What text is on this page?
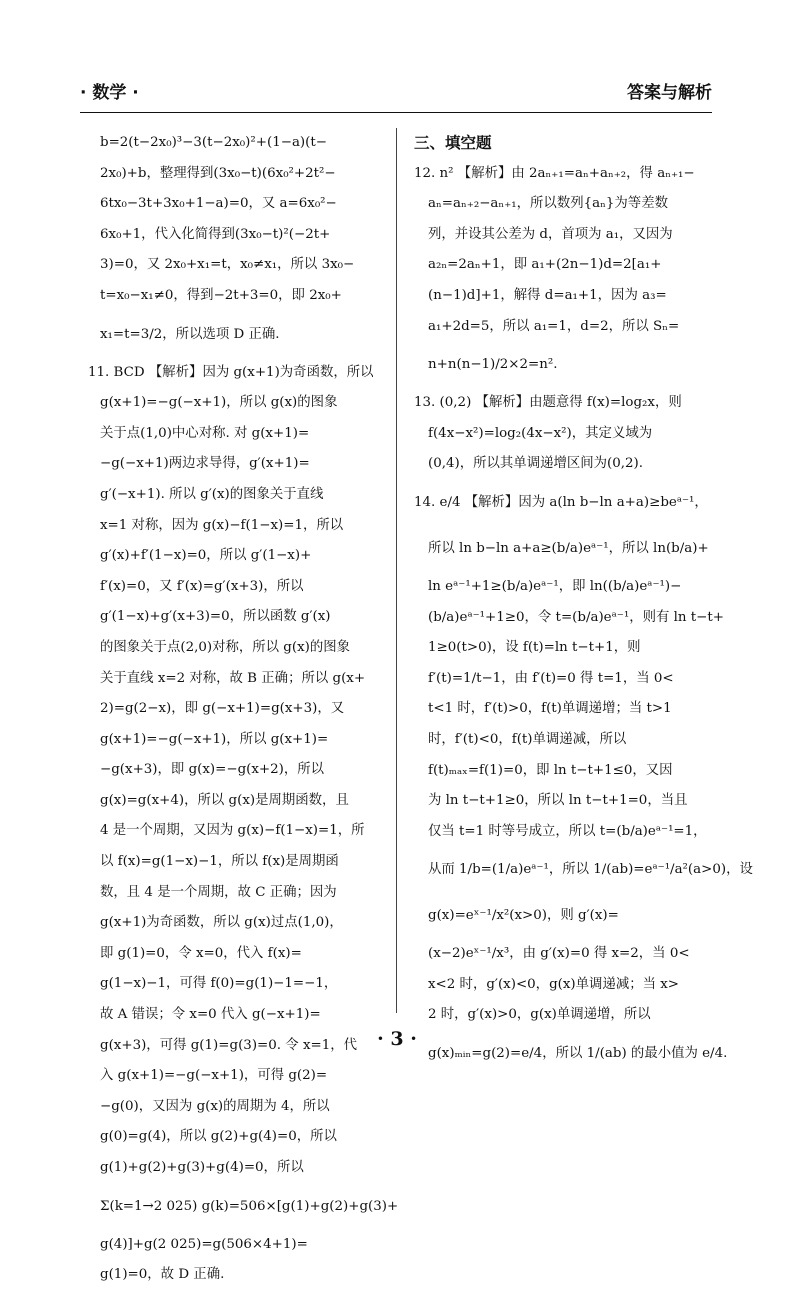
· 数学 ·	答案与解析
b=2(t−2x₀)³−3(t−2x₀)²+(1−a)(t−
2x₀)+b，整理得到(3x₀−t)(6x₀²+2t²−
6tx₀−3t+3x₀+1−a)=0，又 a=6x₀²−
6x₀+1，代入化简得到(3x₀−t)²(−2t+
3)=0，又 2x₀+x₁=t，x₀≠x₁，所以 3x₀−
t=x₀−x₁≠0，得到−2t+3=0，即 2x₀+
x₁=t=3/2，所以选项 D 正确.
11. BCD 【解析】因为 g(x+1)为奇函数，所以
g(x+1)=−g(−x+1)，所以 g(x)的图象
关于点(1,0)中心对称. 对 g(x+1)=
−g(−x+1)两边求导得，g′(x+1)=
g′(−x+1). 所以 g′(x)的图象关于直线
x=1 对称，因为 g(x)−f(1−x)=1，所以
g′(x)+f′(1−x)=0，所以 g′(1−x)+
f′(x)=0，又 f′(x)=g′(x+3)，所以
g′(1−x)+g′(x+3)=0，所以函数 g′(x)
的图象关于点(2,0)对称，所以 g(x)的图象
关于直线 x=2 对称，故 B 正确；所以 g(x+
2)=g(2−x)，即 g(−x+1)=g(x+3)，又
g(x+1)=−g(−x+1)，所以 g(x+1)=
−g(x+3)，即 g(x)=−g(x+2)，所以
g(x)=g(x+4)，所以 g(x)是周期函数，且
4 是一个周期，又因为 g(x)−f(1−x)=1，所
以 f(x)=g(1−x)−1，所以 f(x)是周期函
数，且 4 是一个周期，故 C 正确；因为
g(x+1)为奇函数，所以 g(x)过点(1,0)，
即 g(1)=0，令 x=0，代入 f(x)=
g(1−x)−1，可得 f(0)=g(1)−1=−1，
故 A 错误；令 x=0 代入 g(−x+1)=
g(x+3)，可得 g(1)=g(3)=0. 令 x=1，代
入 g(x+1)=−g(−x+1)，可得 g(2)=
−g(0)，又因为 g(x)的周期为 4，所以
g(0)=g(4)，所以 g(2)+g(4)=0，所以
g(1)+g(2)+g(3)+g(4)=0，所以
Σ(k=1→2 025) g(k)=506×[g(1)+g(2)+g(3)+
g(4)]+g(2 025)=g(506×4+1)=
g(1)=0，故 D 正确.
三、填空题
12. n² 【解析】由 2aₙ₊₁=aₙ+aₙ₊₂，得 aₙ₊₁−
aₙ=aₙ₊₂−aₙ₊₁，所以数列{aₙ}为等差数
列，并设其公差为 d，首项为 a₁，又因为
a₂ₙ=2aₙ+1，即 a₁+(2n−1)d=2[a₁+
(n−1)d]+1，解得 d=a₁+1，因为 a₃=
a₁+2d=5，所以 a₁=1，d=2，所以 Sₙ=
n+n(n−1)/2×2=n².
13. (0,2) 【解析】由题意得 f(x)=log₂x，则
f(4x−x²)=log₂(4x−x²)，其定义域为
(0,4)，所以其单调递增区间为(0,2).
14. e/4 【解析】因为 a(ln b−ln a+a)≥beᵃ⁻¹，
所以 ln b−ln a+a≥(b/a)eᵃ⁻¹，所以 ln(b/a)+
ln eᵃ⁻¹+1≥(b/a)eᵃ⁻¹，即 ln((b/a)eᵃ⁻¹)−
(b/a)eᵃ⁻¹+1≥0，令 t=(b/a)eᵃ⁻¹，则有 ln t−t+
1≥0(t>0)，设 f(t)=ln t−t+1，则
f′(t)=1/t−1，由 f′(t)=0 得 t=1，当 0<
t<1 时，f′(t)>0，f(t)单调递增；当 t>1
时，f′(t)<0，f(t)单调递减，所以
f(t)ₘₐₓ=f(1)=0，即 ln t−t+1≤0，又因
为 ln t−t+1≥0，所以 ln t−t+1=0，当且
仅当 t=1 时等号成立，所以 t=(b/a)eᵃ⁻¹=1，
从而 1/b=(1/a)eᵃ⁻¹，所以 1/(ab)=eᵃ⁻¹/a²(a>0)，设
g(x)=eˣ⁻¹/x²(x>0)，则 g′(x)=
(x−2)eˣ⁻¹/x³，由 g′(x)=0 得 x=2，当 0<
x<2 时，g′(x)<0，g(x)单调递减；当 x>
2 时，g′(x)>0，g(x)单调递增，所以
g(x)ₘᵢₙ=g(2)=e/4，所以 1/(ab) 的最小值为 e/4.
· 3 ·
